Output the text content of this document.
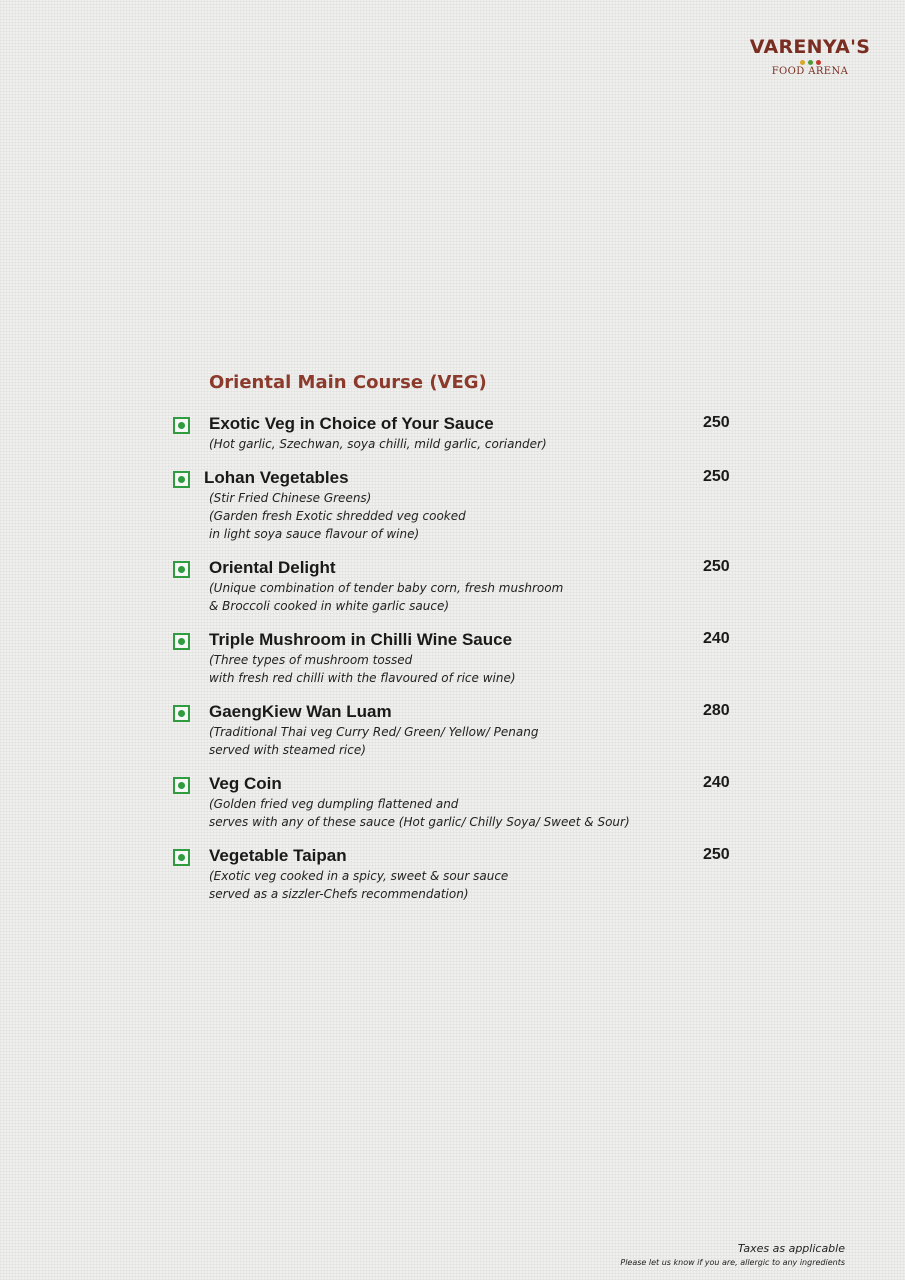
VARENYA'S
FOOD ARENA
Oriental Main Course (VEG)
Exotic Veg in Choice of Your Sauce	250
(Hot garlic, Szechwan, soya chilli, mild garlic, coriander)
Lohan Vegetables	250
(Stir Fried Chinese Greens)
(Garden fresh Exotic shredded veg cooked
in light soya sauce flavour of wine)
Oriental Delight	250
(Unique combination of tender baby corn, fresh mushroom
& Broccoli cooked in white garlic sauce)
Triple Mushroom in Chilli Wine Sauce	240
(Three types of mushroom tossed
with fresh red chilli with the flavoured of rice wine)
GaengKiew Wan Luam	280
(Traditional Thai veg Curry Red/ Green/ Yellow/ Penang
served with steamed rice)
Veg Coin	240
(Golden fried veg dumpling flattened and
serves with any of these sauce (Hot garlic/ Chilly Soya/ Sweet & Sour)
Vegetable Taipan	250
(Exotic veg cooked in a spicy, sweet & sour sauce
served as a sizzler-Chefs recommendation)
Taxes as applicable
Please let us know if you are, allergic to any ingredients
